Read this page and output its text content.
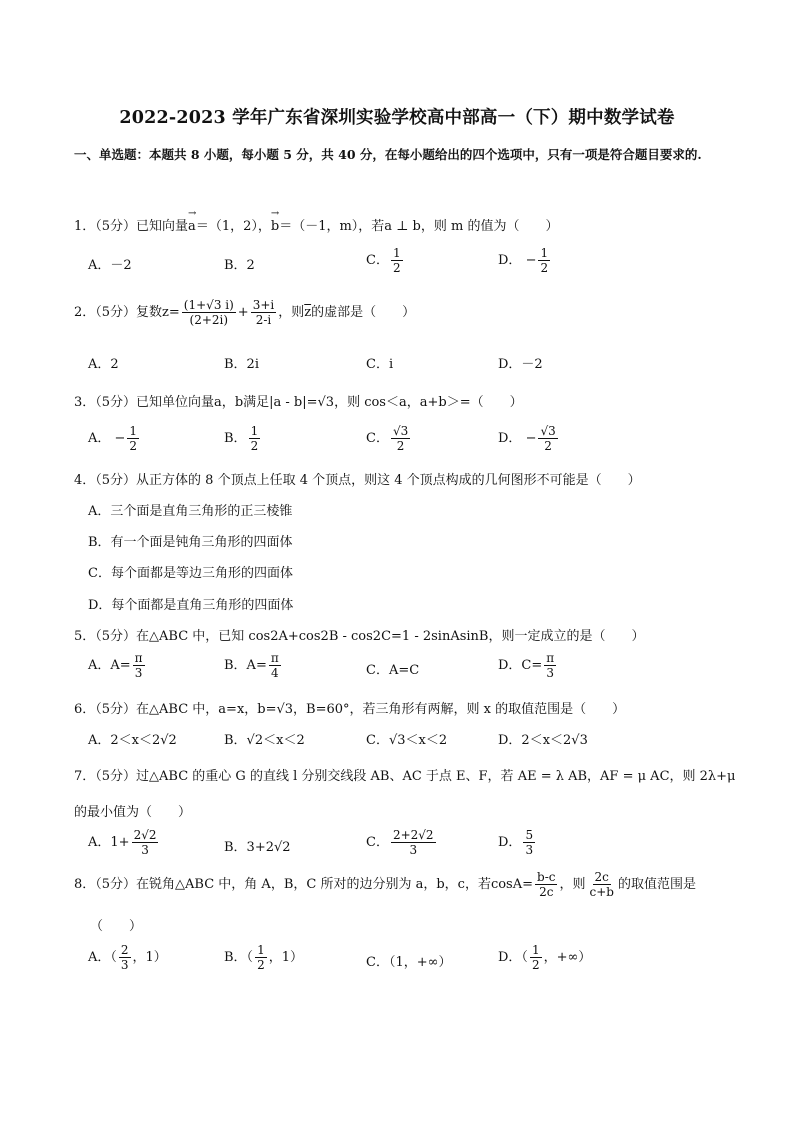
2022-2023 学年广东省深圳实验学校高中部高一（下）期中数学试卷
一、单选题：本题共 8 小题，每小题 5 分，共 40 分，在每小题给出的四个选项中，只有一项是符合题目要求的.
1．（5分）已知向量→ a＝（1，2），→ b＝（－1，m），若a ⊥ b，则 m 的值为（　　）
A．－2	B．2	C． $\frac{1}{2}$	D． − $\frac{1}{2}$
2．（5分）复数$z= \frac{(1+√3 i)}{(2+2i)} + \frac{3+i}{2-i}$ ，则$\overline{z}$的虚部是（　　）
A．2	B．2i	C．i	D．－2
3．（5分）已知单位向量a，b满足|a - b|=√3，则 cos＜a，a+b＞=（　　）
A． − $\frac{1}{2}$	B． $\frac{1}{2}$	C． $\frac{√3}{2}$	D． − $\frac{√3}{2}$
4．（5分）从正方体的 8 个顶点上任取 4 个顶点，则这 4 个顶点构成的几何图形不可能是（　　）
A．三个面是直角三角形的正三棱锥
B．有一个面是钝角三角形的四面体
C．每个面都是等边三角形的四面体
D．每个面都是直角三角形的四面体
5．（5分）在△ABC 中，已知 cos2A+cos2B - cos2C=1 - 2sinAsinB，则一定成立的是（　　）
A．$A= \frac{\pi}{3}$	B．$A= \frac{\pi}{4}$	C．A=C	D．$C= \frac{\pi}{3}$
6．（5分）在△ABC 中，a=x，b=√3，B=60°，若三角形有两解，则 x 的取值范围是（　　）
A．2＜x＜2√2	B．√2＜x＜2	C．√3＜x＜2	D．2＜x＜2√3
7．（5分）过△ABC 的重心 G 的直线 l 分别交线段 AB、AC 于点 E、F，若 AE = λ AB，AF = μ AC，则 2λ+μ
的最小值为（　　）
A．$1+ \frac{2√2}{3}$	B．3+2√2	C． $\frac{2+2√2}{3}$	D． $\frac{5}{3}$
8．（5分）在锐角△ABC 中，角 A，B，C 所对的边分别为 a，b，c，若$\cos A= \frac{b-c}{2c}$ ，则 $\frac{2c}{c+b}$ 的取值范围是
（　　）
A．（ $\frac{2}{3}$ ，1）	B．（ $\frac{1}{2}$ ，1）	C．（1，+∞）	D．（ $\frac{1}{2}$ ，+∞）
